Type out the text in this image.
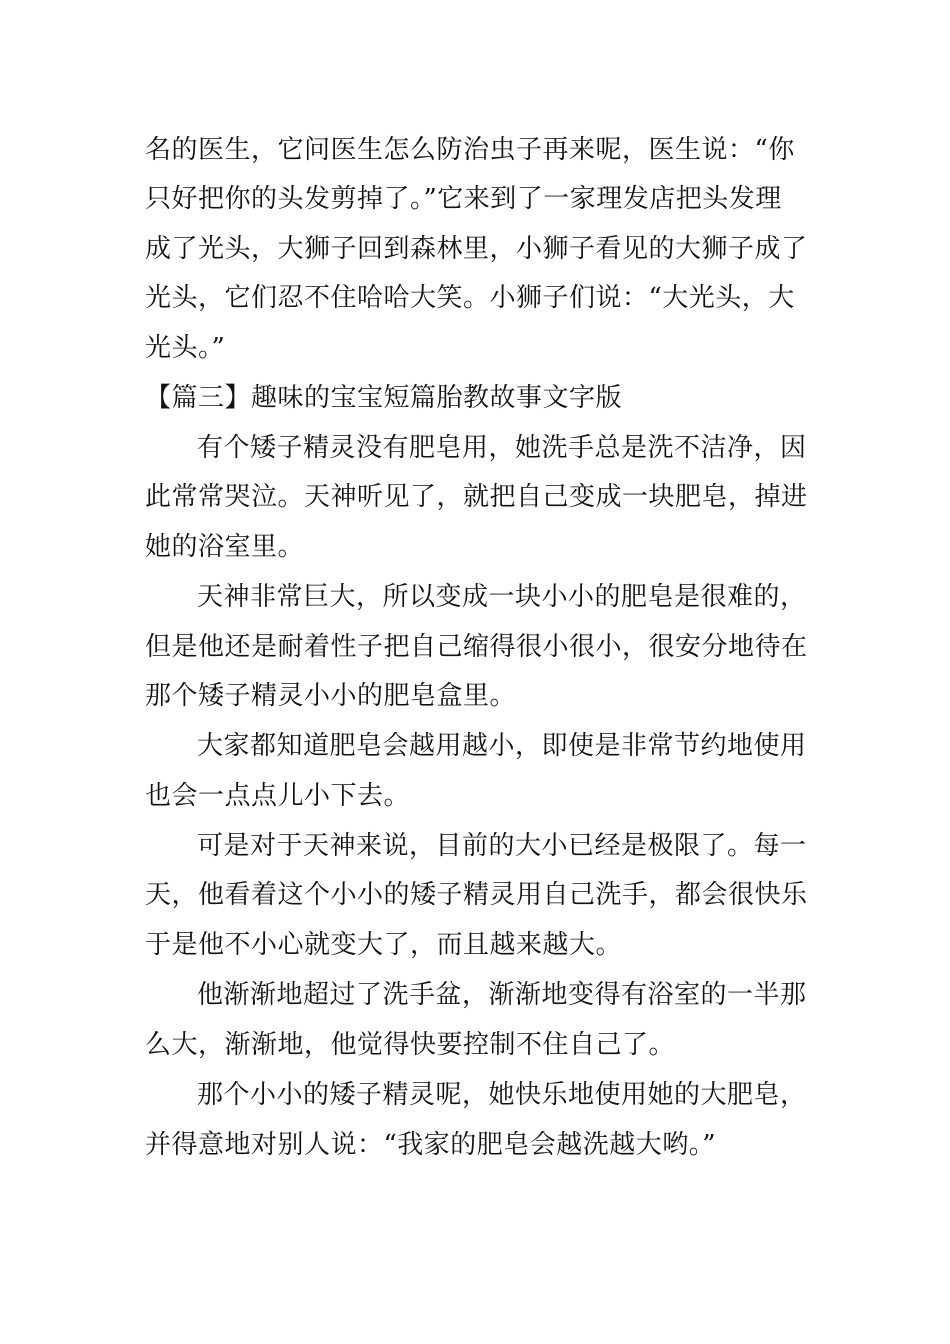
名的医生，它问医生怎么防治虫子再来呢，医生说：“你
只好把你的头发剪掉了。”它来到了一家理发店把头发理
成了光头，大狮子回到森林里，小狮子看见的大狮子成了
光头，它们忍不住哈哈大笑。小狮子们说：“大光头，大
光头。”
【篇三】趣味的宝宝短篇胎教故事文字版
有个矮子精灵没有肥皂用，她洗手总是洗不洁净，因
此常常哭泣。天神听见了，就把自己变成一块肥皂，掉进
她的浴室里。
天神非常巨大，所以变成一块小小的肥皂是很难的，
但是他还是耐着性子把自己缩得很小很小，很安分地待在
那个矮子精灵小小的肥皂盒里。
大家都知道肥皂会越用越小，即使是非常节约地使用
也会一点点儿小下去。
可是对于天神来说，目前的大小已经是极限了。每一
天，他看着这个小小的矮子精灵用自己洗手，都会很快乐
于是他不小心就变大了，而且越来越大。
他渐渐地超过了洗手盆，渐渐地变得有浴室的一半那
么大，渐渐地，他觉得快要控制不住自己了。
那个小小的矮子精灵呢，她快乐地使用她的大肥皂，
并得意地对别人说：“我家的肥皂会越洗越大哟。”
